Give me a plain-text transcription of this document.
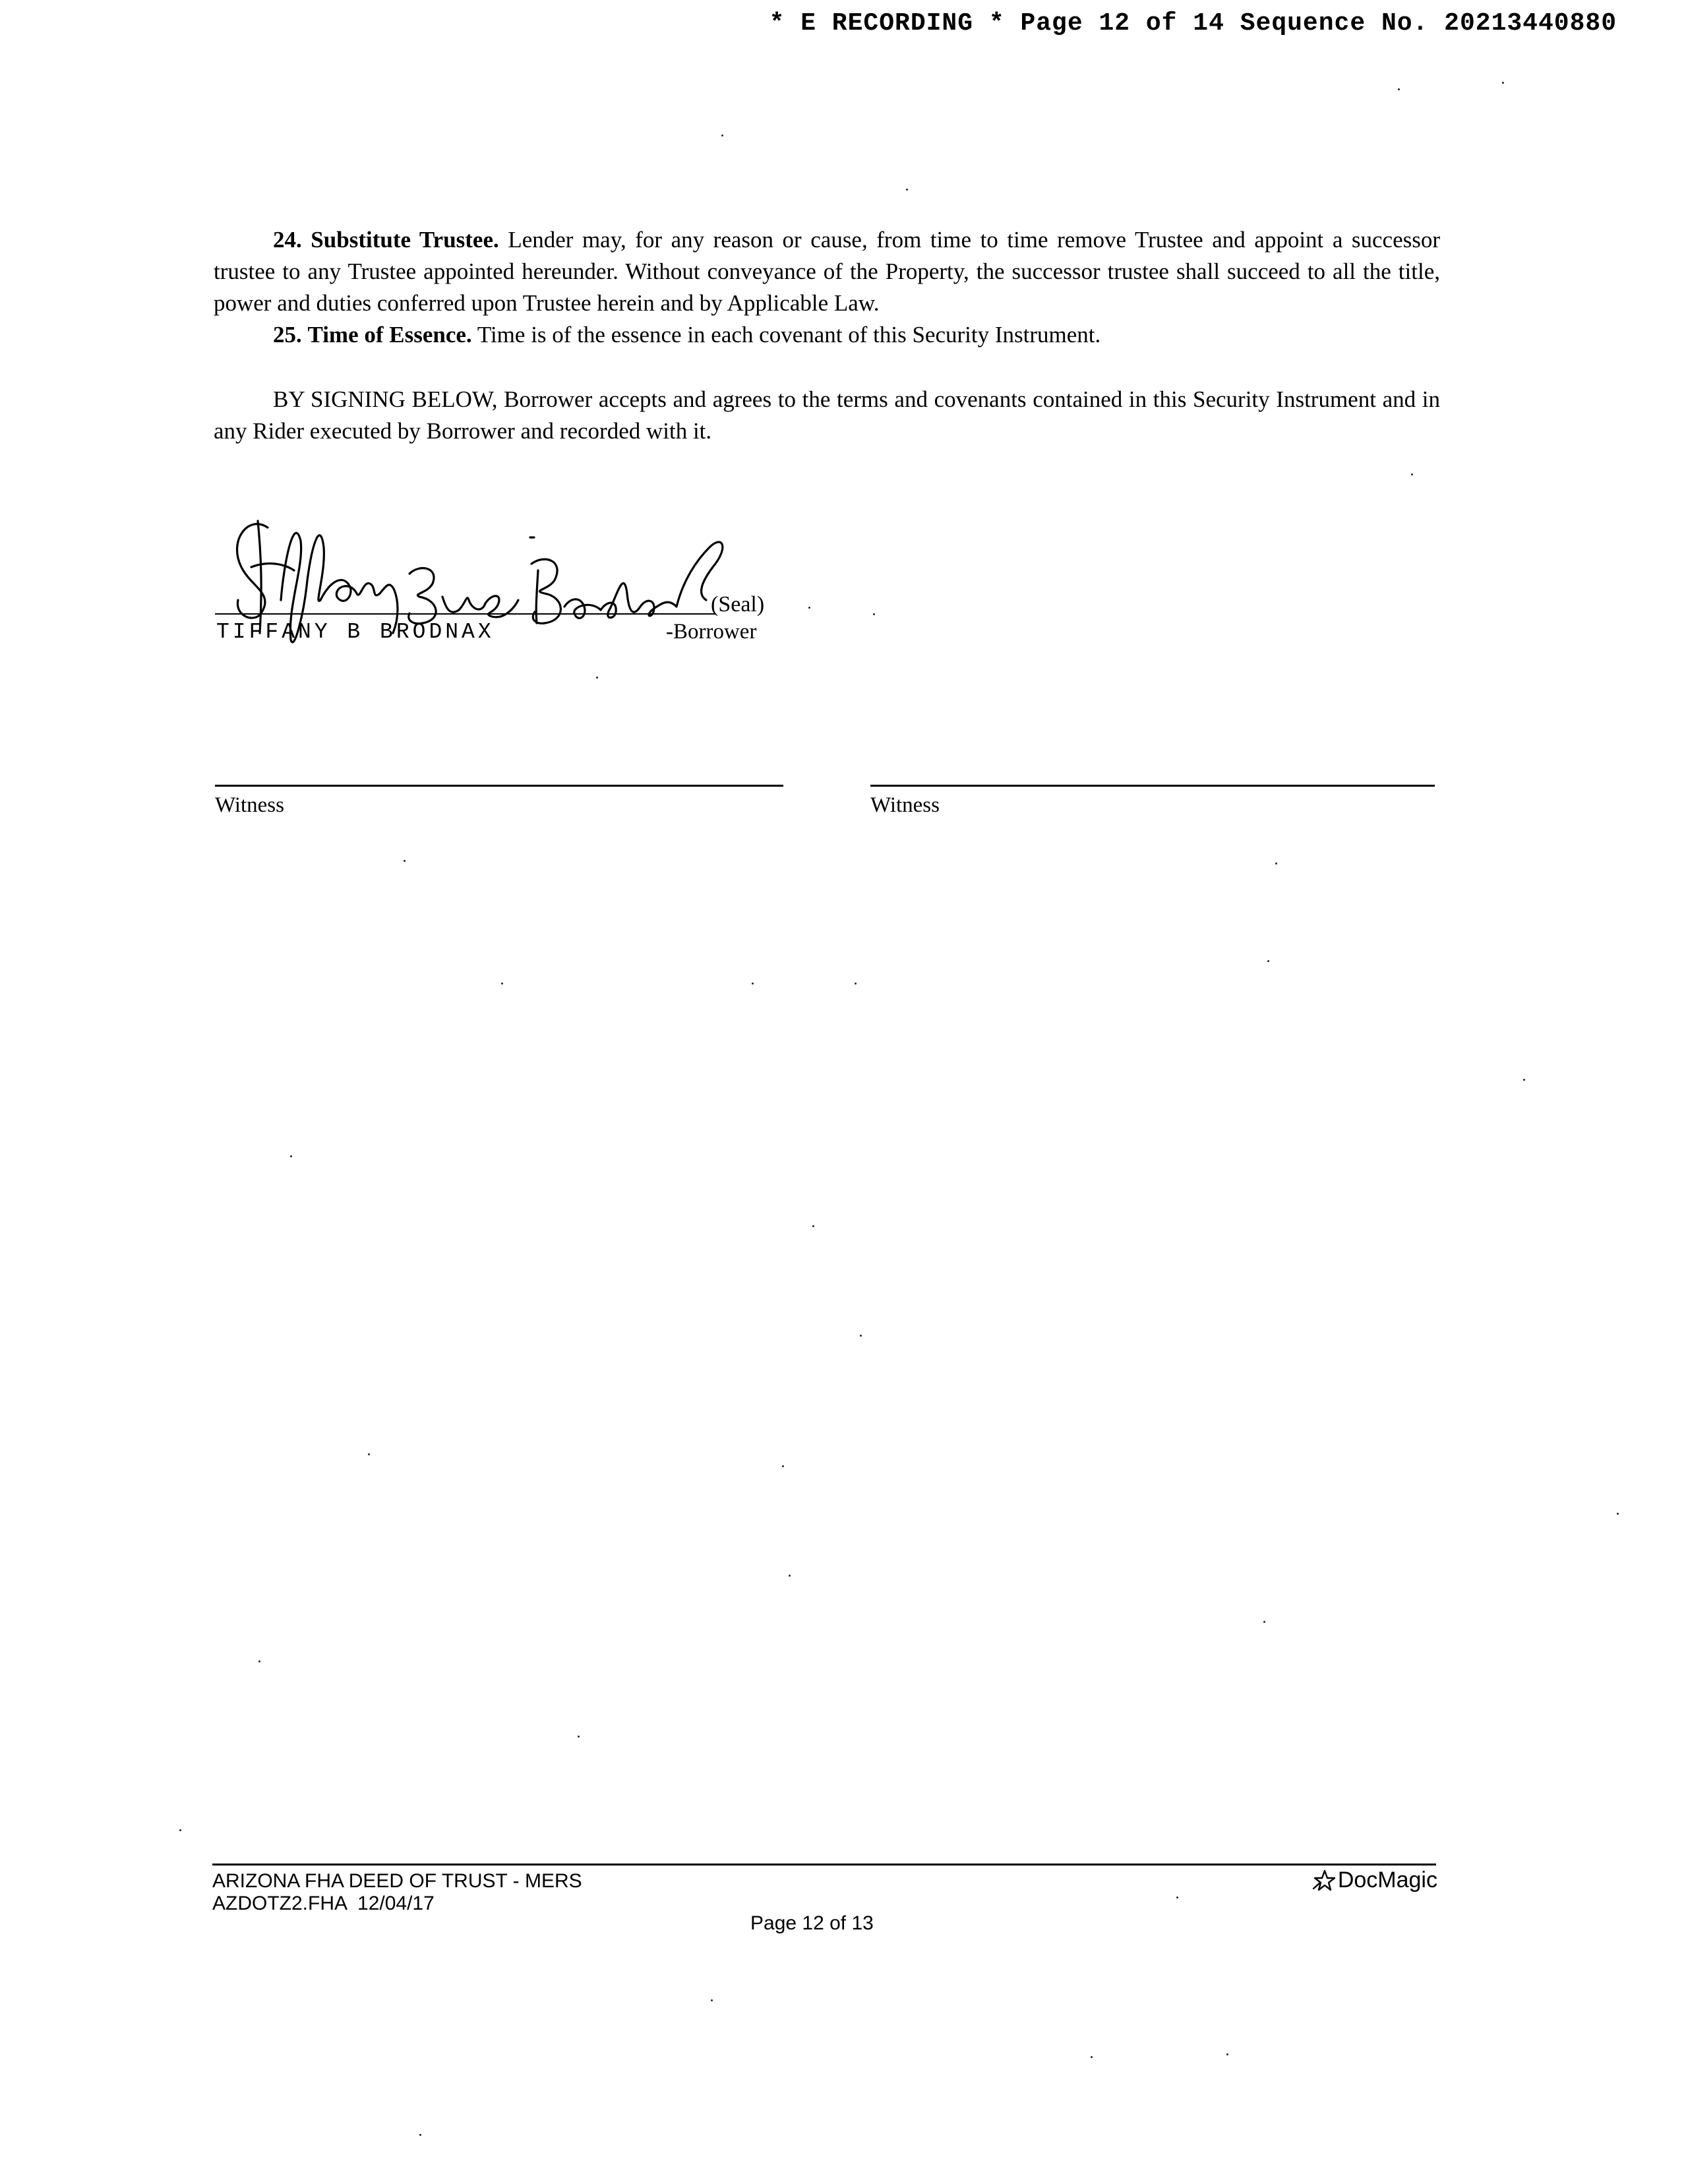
* E RECORDING * Page 12 of 14 Sequence No. 20213440880

24. Substitute Trustee. Lender may, for any reason or cause, from time to time remove Trustee and appoint a successor trustee to any Trustee appointed hereunder. Without conveyance of the Property, the successor trustee shall succeed to all the title, power and duties conferred upon Trustee herein and by Applicable Law.

25. Time of Essence. Time is of the essence in each covenant of this Security Instrument.

BY SIGNING BELOW, Borrower accepts and agrees to the terms and covenants contained in this Security Instrument and in any Rider executed by Borrower and recorded with it.

(Seal)
TIFFANY B BRODNAX	-Borrower
Witness	Witness
ARIZONA FHA DEED OF TRUST - MERS
AZDOTZ2.FHA  12/04/17
DocMagic
Page 12 of 13
